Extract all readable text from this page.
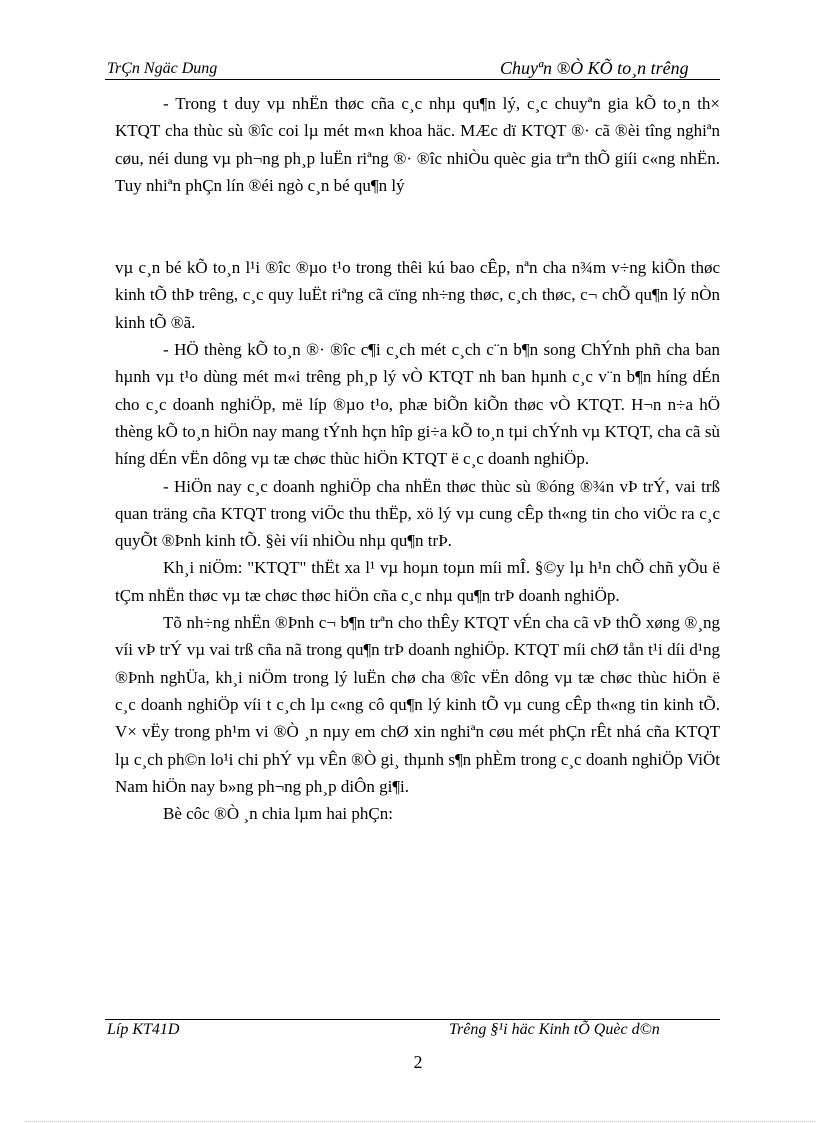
TrÇn Ngäc Dung	Chuyªn ®Ò KÕ to¸n trêng

- Trong t duy vµ nhËn thøc cña c¸c nhµ qu¶n lý, c¸c chuyªn gia kÕ to¸n th× KTQT cha thùc sù ®îc coi lµ mét m«n khoa häc. MÆc dï KTQT ®· cã ®èi tîng nghiªn cøu, néi dung vµ ph¬ng ph¸p luËn riªng ®· ®îc nhiÒu quèc gia trªn thÕ giíi c«ng nhËn. Tuy nhiªn phÇn lín ®éi ngò c¸n bé qu¶n lý

vµ c¸n bé kÕ to¸n l¹i ®îc ®µo t¹o trong thêi kú bao cÊp, nªn cha n¾m v÷ng kiÕn thøc kinh tÕ thÞ trêng, c¸c quy luËt riªng cã cïng nh÷ng thøc, c¸ch thøc, c¬ chÕ qu¶n lý nÒn kinh tÕ ®ã.

- HÖ thèng kÕ to¸n ®· ®îc c¶i c¸ch mét c¸ch c¨n b¶n song ChÝnh phñ cha ban hµnh vµ t¹o dùng mét m«i trêng ph¸p lý vÒ KTQT nh ban hµnh c¸c v¨n b¶n híng dÉn cho c¸c doanh nghiÖp, më líp ®µo t¹o, phæ biÕn kiÕn thøc vÒ KTQT. H¬n n÷a hÖ thèng kÕ to¸n hiÖn nay mang tÝnh hçn hîp gi÷a kÕ to¸n tµi chÝnh vµ KTQT, cha cã sù híng dÉn vËn dông vµ tæ chøc thùc hiÖn KTQT ë c¸c doanh nghiÖp.

- HiÖn nay c¸c doanh nghiÖp cha nhËn thøc thùc sù ®óng ®¾n vÞ trÝ, vai trß quan träng cña KTQT trong viÖc thu thËp, xö lý vµ cung cÊp th«ng tin cho viÖc ra c¸c quyÕt ®Þnh kinh tÕ. §èi víi nhiÒu nhµ qu¶n trÞ.

Kh¸i niÖm: "KTQT" thËt xa l¹ vµ hoµn toµn míi mÎ. §©y lµ h¹n chÕ chñ yÕu ë tÇm nhËn thøc vµ tæ chøc thøc hiÖn cña c¸c nhµ qu¶n trÞ doanh nghiÖp.

Tõ nh÷ng nhËn ®Þnh c¬ b¶n trªn cho thÊy KTQT vÉn cha cã vÞ thÕ xøng ®¸ng víi vÞ trÝ vµ vai trß cña nã trong qu¶n trÞ doanh nghiÖp. KTQT míi chØ tån t¹i díi d¹ng ®Þnh nghÜa, kh¸i niÖm trong lý luËn chø cha ®îc vËn dông vµ tæ chøc thùc hiÖn ë c¸c doanh nghiÖp víi t c¸ch lµ c«ng cô qu¶n lý kinh tÕ vµ cung cÊp th«ng tin kinh tÕ. V× vËy trong ph¹m vi ®Ò ¸n nµy em chØ xin nghiªn cøu mét phÇn rÊt nhá cña KTQT lµ c¸ch ph©n lo¹i chi phÝ vµ vÊn ®Ò gi¸ thµnh s¶n phÈm trong c¸c doanh nghiÖp ViÖt Nam hiÖn nay b»ng ph¬ng ph¸p diÔn gi¶i.

Bè côc ®Ò ¸n chia lµm hai phÇn:

Líp KT41D	Trêng §¹i häc Kinh tÕ Quèc d©n
2
